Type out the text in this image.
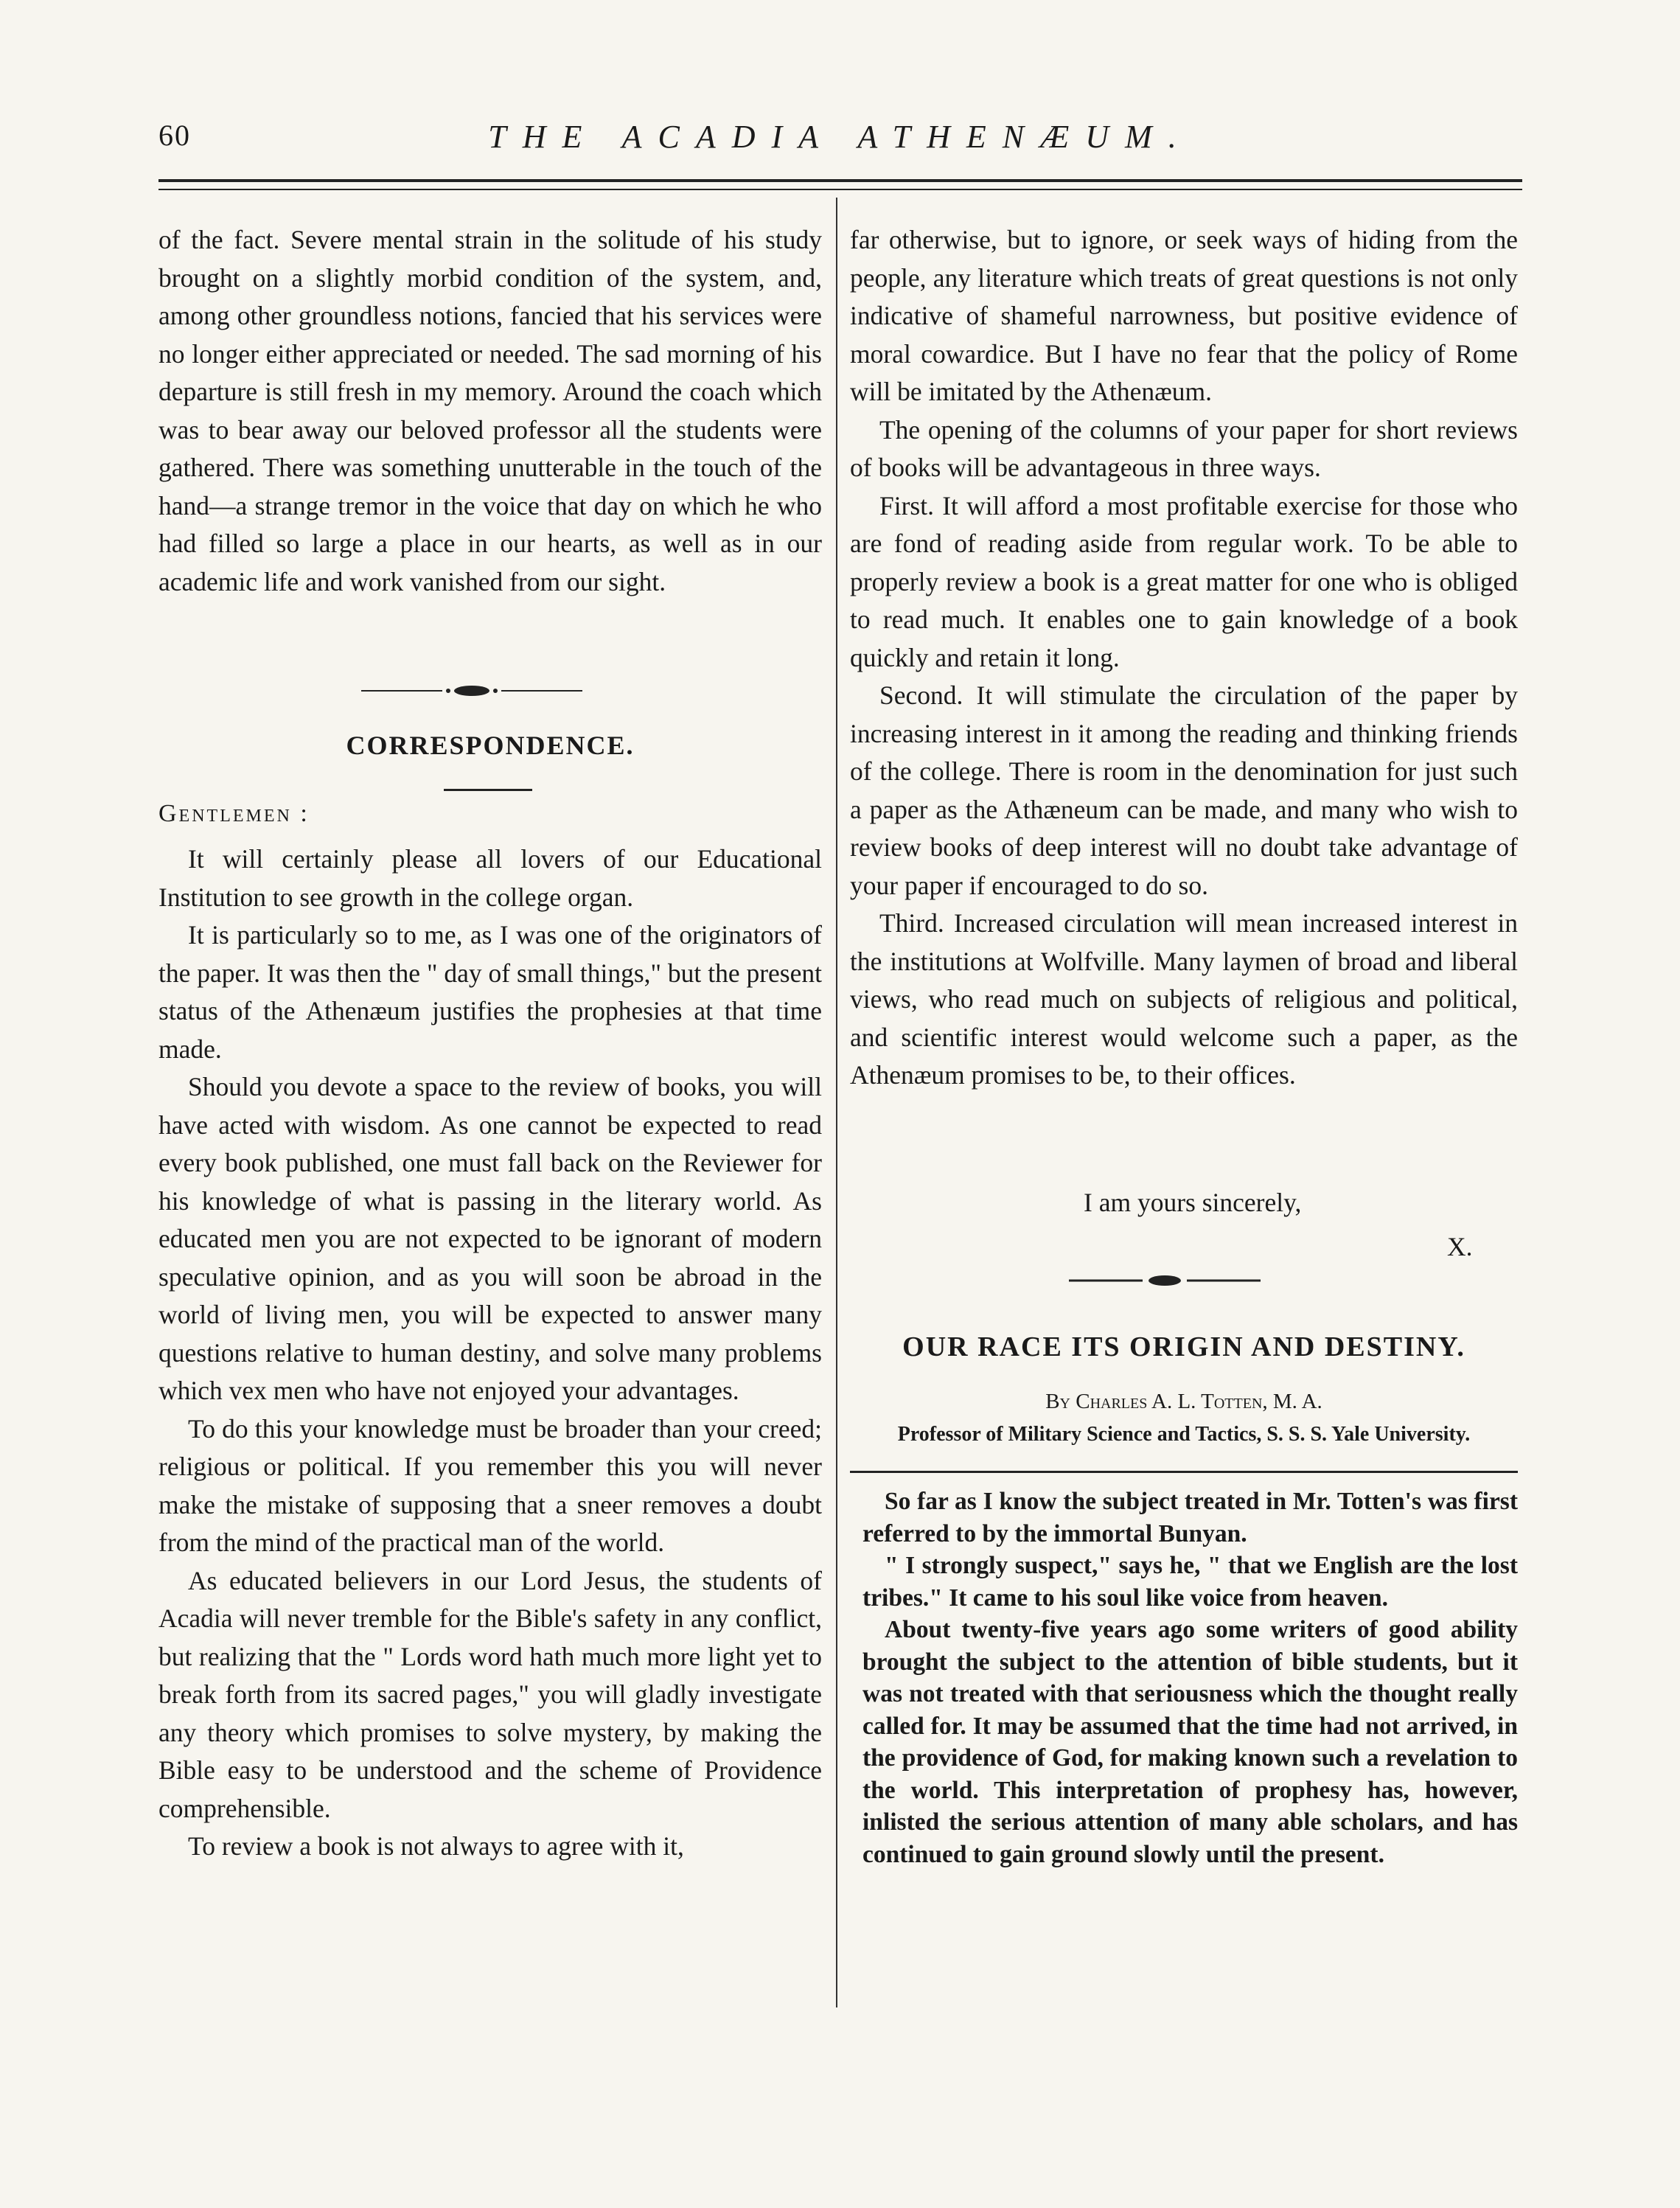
60	THE ACADIA ATHENÆUM.

of the fact. Severe mental strain in the solitude of his study brought on a slightly morbid condition of the system, and, among other groundless notions, fancied that his services were no longer either appreciated or needed. The sad morning of his departure is still fresh in my memory. Around the coach which was to bear away our beloved professor all the students were gathered. There was something unutterable in the touch of the hand—a strange tremor in the voice that day on which he who had filled so large a place in our hearts, as well as in our academic life and work vanished from our sight.

CORRESPONDENCE.
Gentlemen :

It will certainly please all lovers of our Educational Institution to see growth in the college organ.

It is particularly so to me, as I was one of the originators of the paper. It was then the " day of small things," but the present status of the Athenæum justifies the prophesies at that time made.

Should you devote a space to the review of books, you will have acted with wisdom. As one cannot be expected to read every book published, one must fall back on the Reviewer for his knowledge of what is passing in the literary world. As educated men you are not expected to be ignorant of modern speculative opinion, and as you will soon be abroad in the world of living men, you will be expected to answer many questions relative to human destiny, and solve many problems which vex men who have not enjoyed your advantages.

To do this your knowledge must be broader than your creed; religious or political. If you remember this you will never make the mistake of supposing that a sneer removes a doubt from the mind of the practical man of the world.

As educated believers in our Lord Jesus, the students of Acadia will never tremble for the Bible's safety in any conflict, but realizing that the " Lords word hath much more light yet to break forth from its sacred pages," you will gladly investigate any theory which promises to solve mystery, by making the Bible easy to be understood and the scheme of Providence comprehensible.

To review a book is not always to agree with it,

far otherwise, but to ignore, or seek ways of hiding from the people, any literature which treats of great questions is not only indicative of shameful narrowness, but positive evidence of moral cowardice. But I have no fear that the policy of Rome will be imitated by the Athenæum.

The opening of the columns of your paper for short reviews of books will be advantageous in three ways.

First. It will afford a most profitable exercise for those who are fond of reading aside from regular work. To be able to properly review a book is a great matter for one who is obliged to read much. It enables one to gain knowledge of a book quickly and retain it long.

Second. It will stimulate the circulation of the paper by increasing interest in it among the reading and thinking friends of the college. There is room in the denomination for just such a paper as the Athæneum can be made, and many who wish to review books of deep interest will no doubt take advantage of your paper if encouraged to do so.

Third. Increased circulation will mean increased interest in the institutions at Wolfville. Many laymen of broad and liberal views, who read much on subjects of religious and political, and scientific interest would welcome such a paper, as the Athenæum promises to be, to their offices.

I am yours sincerely,
X.
OUR RACE ITS ORIGIN AND DESTINY.
By Charles A. L. Totten, M. A.
Professor of Military Science and Tactics, S. S. S. Yale University.

So far as I know the subject treated in Mr. Totten's was first referred to by the immortal Bunyan.

" I strongly suspect," says he, " that we English are the lost tribes." It came to his soul like voice from heaven.

About twenty-five years ago some writers of good ability brought the subject to the attention of bible students, but it was not treated with that seriousness which the thought really called for. It may be assumed that the time had not arrived, in the providence of God, for making known such a revelation to the world. This interpretation of prophesy has, however, inlisted the serious attention of many able scholars, and has continued to gain ground slowly until the present.
